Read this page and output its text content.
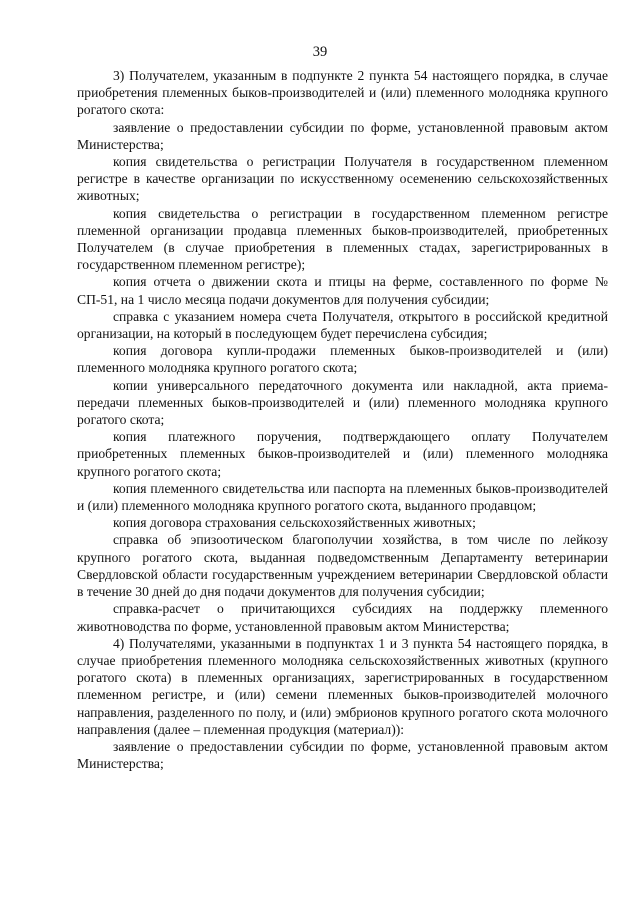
39

3) Получателем, указанным в подпункте 2 пункта 54 настоящего порядка, в случае приобретения племенных быков-производителей и (или) племенного молодняка крупного рогатого скота:

заявление о предоставлении субсидии по форме, установленной правовым актом Министерства;

копия свидетельства о регистрации Получателя в государственном племенном регистре в качестве организации по искусственному осеменению сельскохозяйственных животных;

копия свидетельства о регистрации в государственном племенном регистре племенной организации продавца племенных быков-производителей, приобретенных Получателем (в случае приобретения в племенных стадах, зарегистрированных в государственном племенном регистре);

копия отчета о движении скота и птицы на ферме, составленного по форме № СП-51, на 1 число месяца подачи документов для получения субсидии;

справка с указанием номера счета Получателя, открытого в российской кредитной организации, на который в последующем будет перечислена субсидия;

копия договора купли-продажи племенных быков-производителей и (или) племенного молодняка крупного рогатого скота;

копии универсального передаточного документа или накладной, акта приема-передачи племенных быков-производителей и (или) племенного молодняка крупного рогатого скота;

копия платежного поручения, подтверждающего оплату Получателем приобретенных племенных быков-производителей и (или) племенного молодняка крупного рогатого скота;

копия племенного свидетельства или паспорта на племенных быков-производителей и (или) племенного молодняка крупного рогатого скота, выданного продавцом;

копия договора страхования сельскохозяйственных животных;

справка об эпизоотическом благополучии хозяйства, в том числе по лейкозу крупного рогатого скота, выданная подведомственным Департаменту ветеринарии Свердловской области государственным учреждением ветеринарии Свердловской области в течение 30 дней до дня подачи документов для получения субсидии;

справка-расчет о причитающихся субсидиях на поддержку племенного животноводства по форме, установленной правовым актом Министерства;

4) Получателями, указанными в подпунктах 1 и 3 пункта 54 настоящего порядка, в случае приобретения племенного молодняка сельскохозяйственных животных (крупного рогатого скота) в племенных организациях, зарегистрированных в государственном племенном регистре, и (или) семени племенных быков-производителей молочного направления, разделенного по полу, и (или) эмбрионов крупного рогатого скота молочного направления (далее – племенная продукция (материал)):

заявление о предоставлении субсидии по форме, установленной правовым актом Министерства;
